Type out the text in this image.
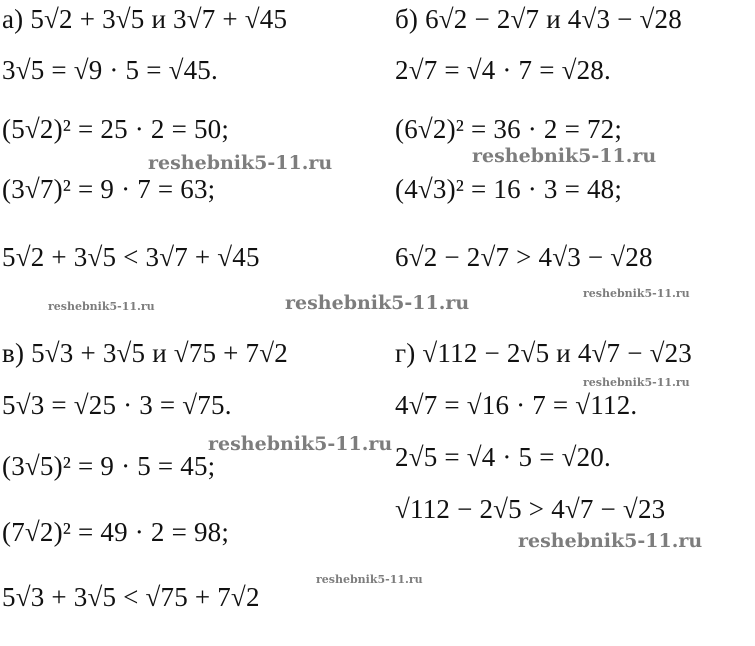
а) 5√2 + 3√5 и 3√7 + √45
3√5 = √9 · 5 = √45.
(5√2)² = 25 · 2 = 50;
(3√7)² = 9 · 7 = 63;
5√2 + 3√5 < 3√7 + √45
б) 6√2 − 2√7 и 4√3 − √28
2√7 = √4 · 7 = √28.
(6√2)² = 36 · 2 = 72;
(4√3)² = 16 · 3 = 48;
6√2 − 2√7 > 4√3 − √28
в) 5√3 + 3√5 и √75 + 7√2
5√3 = √25 · 3 = √75.
(3√5)² = 9 · 5 = 45;
(7√2)² = 49 · 2 = 98;
5√3 + 3√5 < √75 + 7√2
г) √112 − 2√5 и 4√7 − √23
4√7 = √16 · 7 = √112.
2√5 = √4 · 5 = √20.
√112 − 2√5 > 4√7 − √23
reshebnik5-11.ru	reshebnik5-11.ru
reshebnik5-11.ru
reshebnik5-11.ru
reshebnik5-11.ru
reshebnik5-11.ru
reshebnik5-11.ru
reshebnik5-11.ru
reshebnik5-11.ru
